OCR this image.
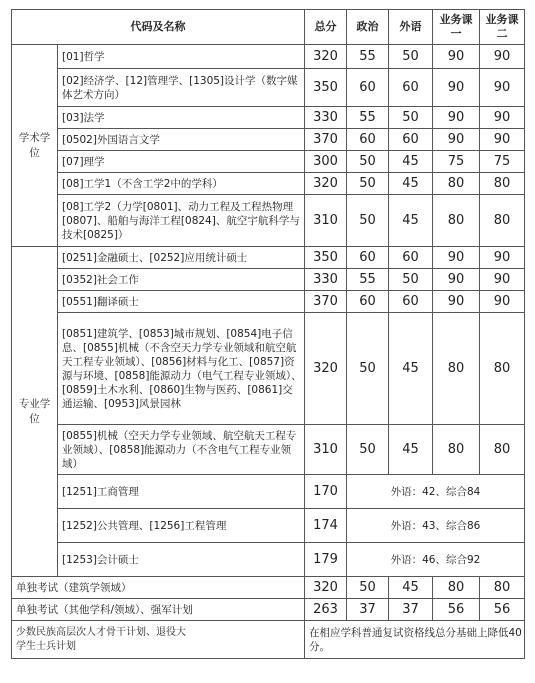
代码及名称		总分	政治	外语	业务课一	业务课二
学术学位	[01]哲学	320	55	50	90	90
	[02]经济学、[12]管理学、[1305]设计学（数字媒体艺术方向）	350	60	60	90	90
	[03]法学	330	55	50	90	90
	[0502]外国语言文学	370	60	60	90	90
	[07]理学	300	50	45	75	75
	[08]工学1（不含工学2中的学科）	320	50	45	80	80
	[08]工学2（力学[0801]、动力工程及工程热物理[0807]、船舶与海洋工程[0824]、航空宇航科学与技术[0825]）	310	50	45	80	80
专业学位	[0251]金融硕士、[0252]应用统计硕士	350	60	60	90	90
	[0352]社会工作	330	55	50	90	90
	[0551]翻译硕士	370	60	60	90	90
	[0851]建筑学、[0853]城市规划、[0854]电子信息、[0855]机械（不含空天力学专业领域和航空航天工程专业领域）、[0856]材料与化工、[0857]资源与环境、[0858]能源动力（电气工程专业领域）、[0859]土木水利、[0860]生物与医药、[0861]交通运输、[0953]风景园林	320	50	45	80	80
	[0855]机械（空天力学专业领域、航空航天工程专业领域）、[0858]能源动力（不含电气工程专业领域）	310	50	45	80	80
	[1251]工商管理	170	外语：42、综合84			
	[1252]公共管理、[1256]工程管理	174	外语：43、综合86			
	[1253]会计硕士	179	外语：46、综合92			
单独考试（建筑学领域）		320	50	45	80	80
单独考试（其他学科/领域）、强军计划		263	37	37	56	56

少数民族高层次人才骨干计划、退役大学生士兵计划		在相应学科普通复试资格线总分基础上降低40分。				
